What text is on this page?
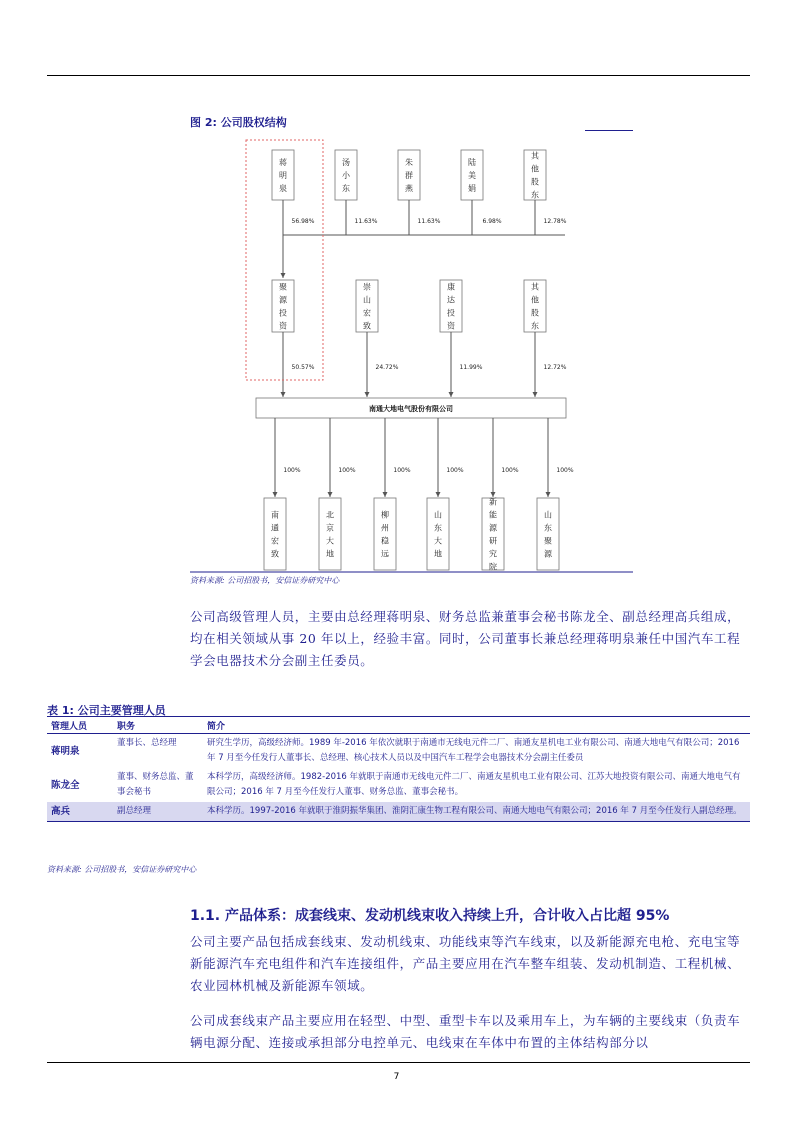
图 2: 公司股权结构
蒋
明
泉
56.98%
汤
小
东
11.63%
朱
群
燕
11.63%
陆
美
娟
6.98%
其
他
股
东
12.78%
聚
源
投
资
50.57%
崇
山
宏
致
24.72%
康
达
投
资
11.99%
其
他
股
东
12.72%
南通大地电气股份有限公司
100%
南
通
宏
致
100%
北
京
大
地
100%
柳
州
稳
远
100%
山
东
大
地
100%
新
能
源
研
究
院
100%
山
东
聚
源
资料来源: 公司招股书，安信证券研究中心

公司高级管理人员，主要由总经理蒋明泉、财务总监兼董事会秘书陈龙全、副总经理高兵组成，均在相关领域从事 20 年以上，经验丰富。同时，公司董事长兼总经理蒋明泉兼任中国汽车工程学会电器技术分会副主任委员。

表 1: 公司主要管理人员
管理人员	职务	简介
蒋明泉	董事长、总经理	研究生学历，高级经济师。1989 年-2016 年依次就职于南通市无线电元件二厂、南通友星机电工业有限公司、南通大地电气有限公司；2016 年 7 月至今任发行人董事长、总经理、核心技术人员以及中国汽车工程学会电器技术分会副主任委员
陈龙全	董事、财务总监、董事会秘书	本科学历，高级经济师。1982-2016 年就职于南通市无线电元件二厂、南通友星机电工业有限公司、江苏大地投资有限公司、南通大地电气有限公司；2016 年 7 月至今任发行人董事、财务总监、董事会秘书。
高兵	副总经理	本科学历。1997-2016 年就职于淮阴振华集团、淮阴汇康生物工程有限公司、南通大地电气有限公司；2016 年 7 月至今任发行人副总经理。
资料来源: 公司招股书，安信证券研究中心
1.1. 产品体系：成套线束、发动机线束收入持续上升，合计收入占比超 95%

公司主要产品包括成套线束、发动机线束、功能线束等汽车线束，以及新能源充电枪、充电宝等新能源汽车充电组件和汽车连接组件，产品主要应用在汽车整车组装、发动机制造、工程机械、农业园林机械及新能源车领域。

公司成套线束产品主要应用在轻型、中型、重型卡车以及乘用车上，为车辆的主要线束（负责车辆电源分配、连接或承担部分电控单元、电线束在车体中布置的主体结构部分以

7
